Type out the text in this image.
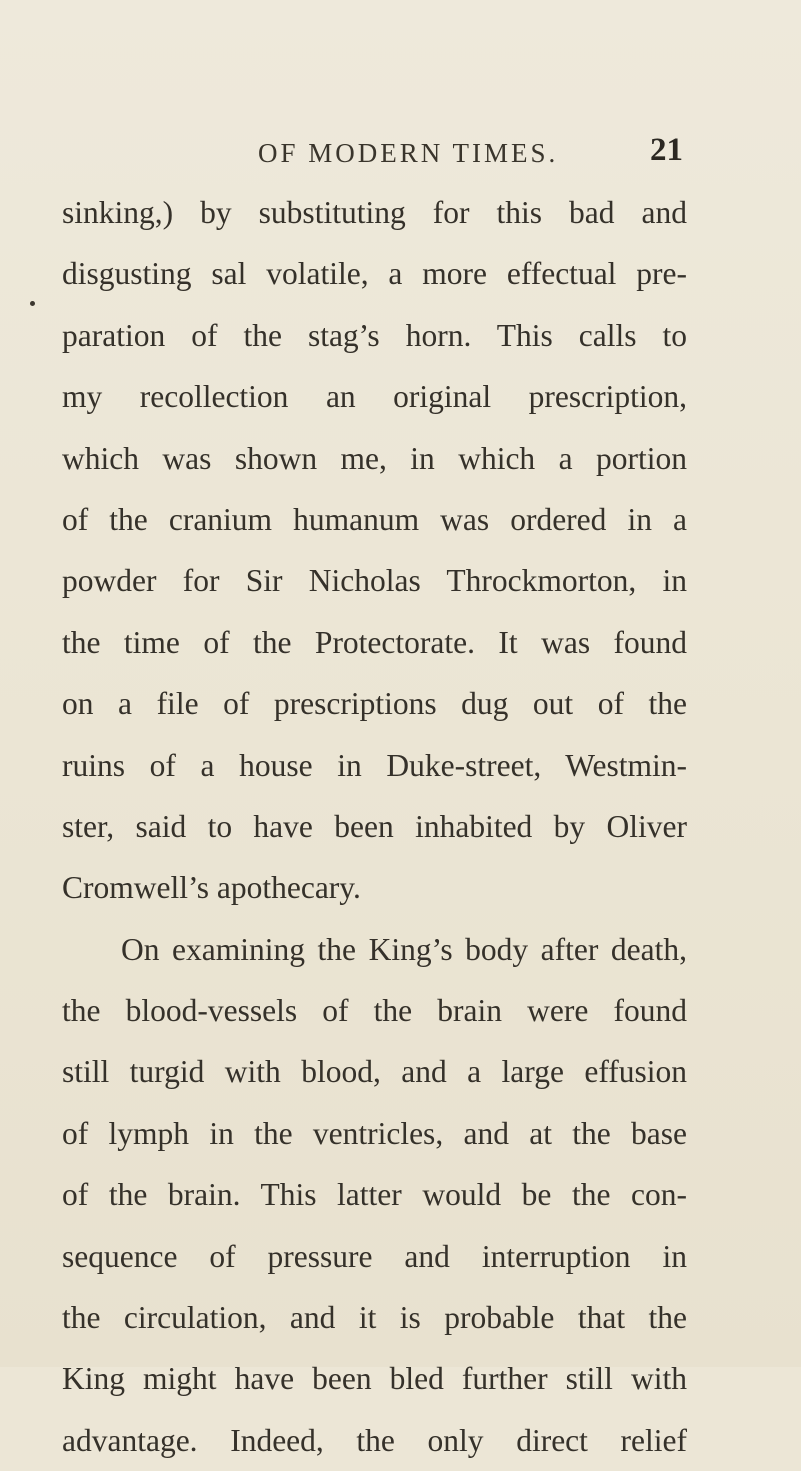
OF MODERN TIMES.	21
sinking,) by substituting for this bad and
disgusting sal volatile, a more effectual pre-
paration of the stag’s horn. This calls to
my recollection an original prescription,
which was shown me, in which a portion
of the cranium humanum was ordered in a
powder for Sir Nicholas Throckmorton, in
the time of the Protectorate. It was found
on a file of prescriptions dug out of the
ruins of a house in Duke-street, Westmin-
ster, said to have been inhabited by Oliver
Cromwell’s apothecary.
On examining the King’s body after death,
the blood-vessels of the brain were found
still turgid with blood, and a large effusion
of lymph in the ventricles, and at the base
of the brain. This latter would be the con-
sequence of pressure and interruption in
the circulation, and it is probable that the
King might have been bled further still with
advantage. Indeed, the only direct relief
